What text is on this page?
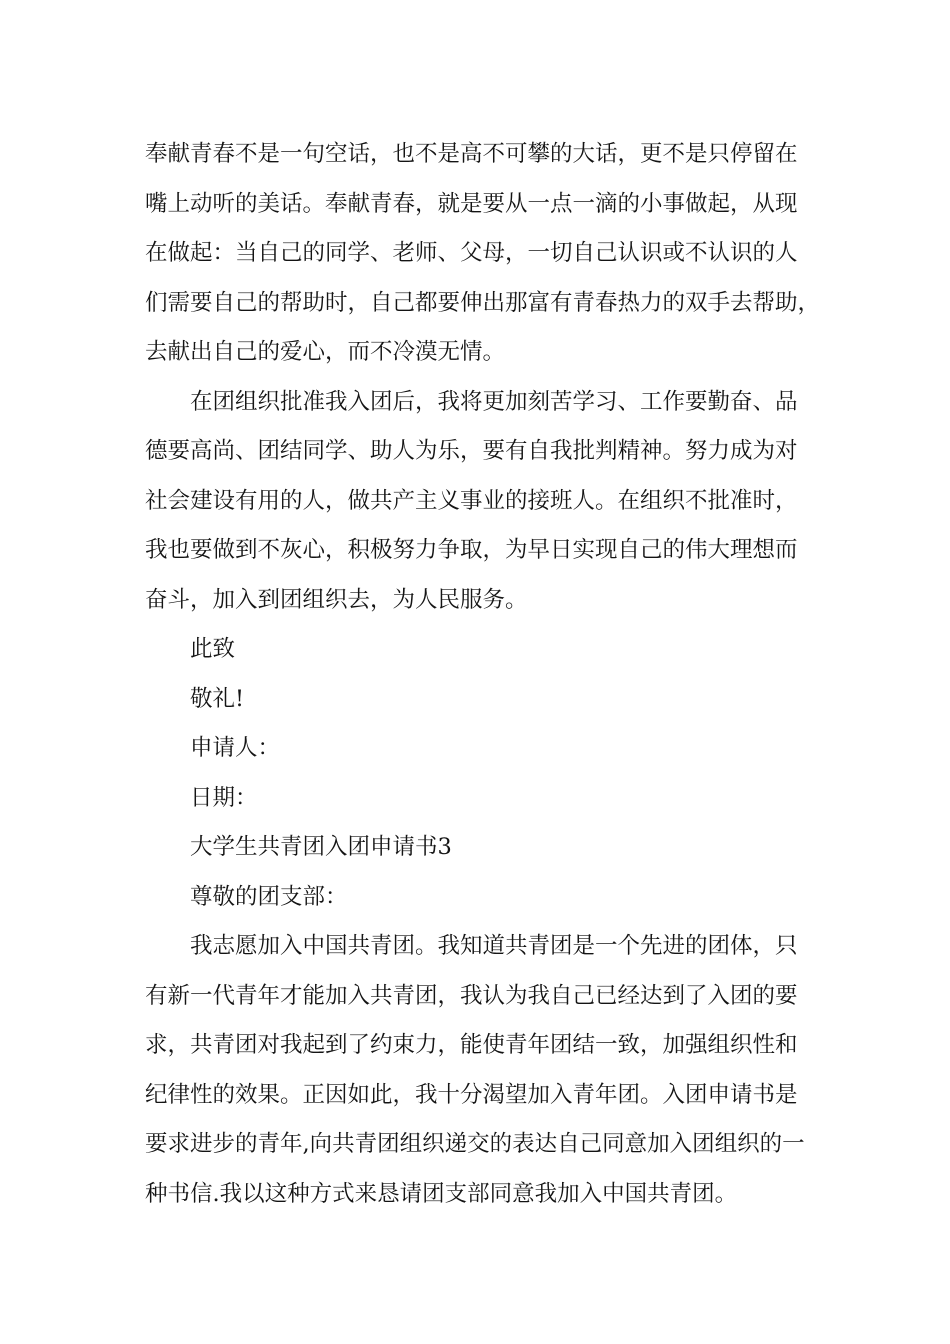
奉献青春不是一句空话，也不是高不可攀的大话，更不是只停留在
嘴上动听的美话。奉献青春，就是要从一点一滴的小事做起，从现
在做起：当自己的同学、老师、父母，一切自己认识或不认识的人
们需要自己的帮助时，自己都要伸出那富有青春热力的双手去帮助，
去献出自己的爱心，而不冷漠无情。
在团组织批准我入团后，我将更加刻苦学习、工作要勤奋、品
德要高尚、团结同学、助人为乐，要有自我批判精神。努力成为对
社会建设有用的人，做共产主义事业的接班人。在组织不批准时，
我也要做到不灰心，积极努力争取，为早日实现自己的伟大理想而
奋斗，加入到团组织去，为人民服务。
此致
敬礼!
申请人：
日期：
大学生共青团入团申请书3
尊敬的团支部：
我志愿加入中国共青团。我知道共青团是一个先进的团体，只
有新一代青年才能加入共青团，我认为我自己已经达到了入团的要
求，共青团对我起到了约束力，能使青年团结一致，加强组织性和
纪律性的效果。正因如此，我十分渴望加入青年团。入团申请书是
要求进步的青年,向共青团组织递交的表达自己同意加入团组织的一
种书信.我以这种方式来恳请团支部同意我加入中国共青团。
